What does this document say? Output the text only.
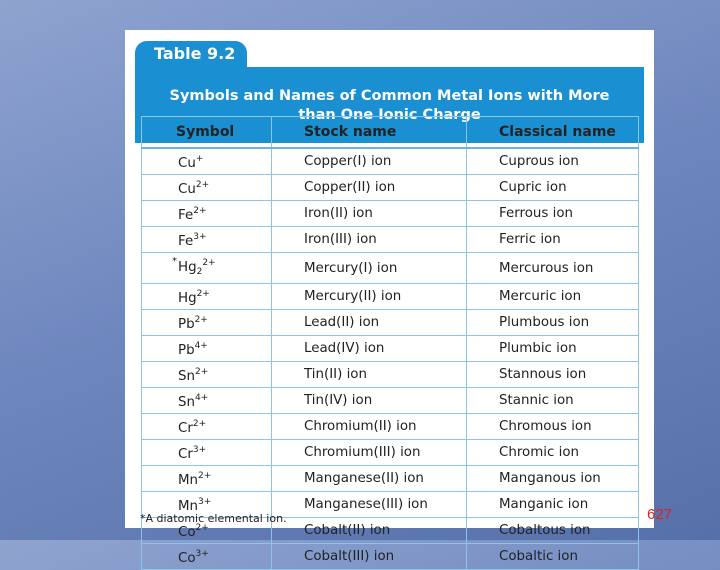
Table 9.2
Symbols and Names of Common Metal Ions with More than One Ionic Charge
Symbol	Stock name	Classical name
Cu+	Copper(I) ion	Cuprous ion
$Cu^{2+}$	Copper(II) ion	Cupric ion
$Fe^{2+}$	Iron(II) ion	Ferrous ion
$Fe^{3+}$	Iron(III) ion	Ferric ion

* $Hg_2^{2+}$	Mercury(I) ion	Mercurous ion
$Hg^{2+}$	Mercury(II) ion	Mercuric ion
$Pb^{2+}$	Lead(II) ion	Plumbous ion
$Pb^{4+}$	Lead(IV) ion	Plumbic ion
$Sn^{2+}$	Tin(II) ion	Stannous ion
$Sn^{4+}$	Tin(IV) ion	Stannic ion
$Cr^{2+}$	Chromium(II) ion	Chromous ion
$Cr^{3+}$	Chromium(III) ion	Chromic ion
$Mn^{2+}$	Manganese(II) ion	Manganous ion
$Mn^{3+}$	Manganese(III) ion	Manganic ion
$Co^{2+}$	Cobalt(II) ion	Cobaltous ion
$Co^{3+}$	Cobalt(III) ion	Cobaltic ion
*A diatomic elemental ion.	627
